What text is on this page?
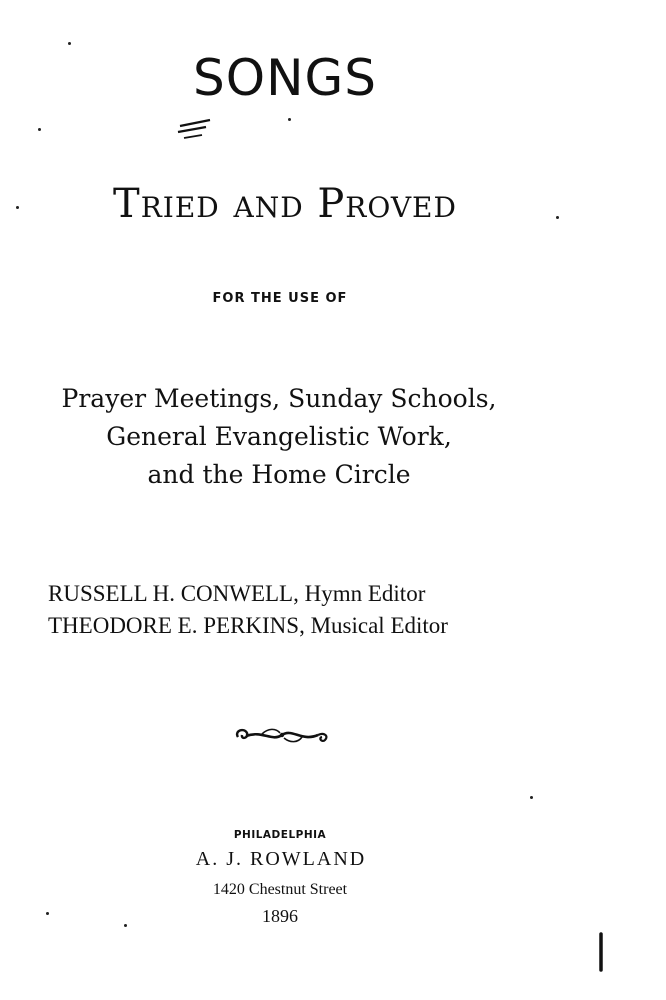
SONGS
Tried and Proved
FOR THE USE OF
Prayer Meetings, Sunday Schools,
General Evangelistic Work,
and the Home Circle
RUSSELL H. CONWELL, Hymn Editor
THEODORE E. PERKINS, Musical Editor
PHILADELPHIA
A. J. ROWLAND
1420 Chestnut Street
1896
